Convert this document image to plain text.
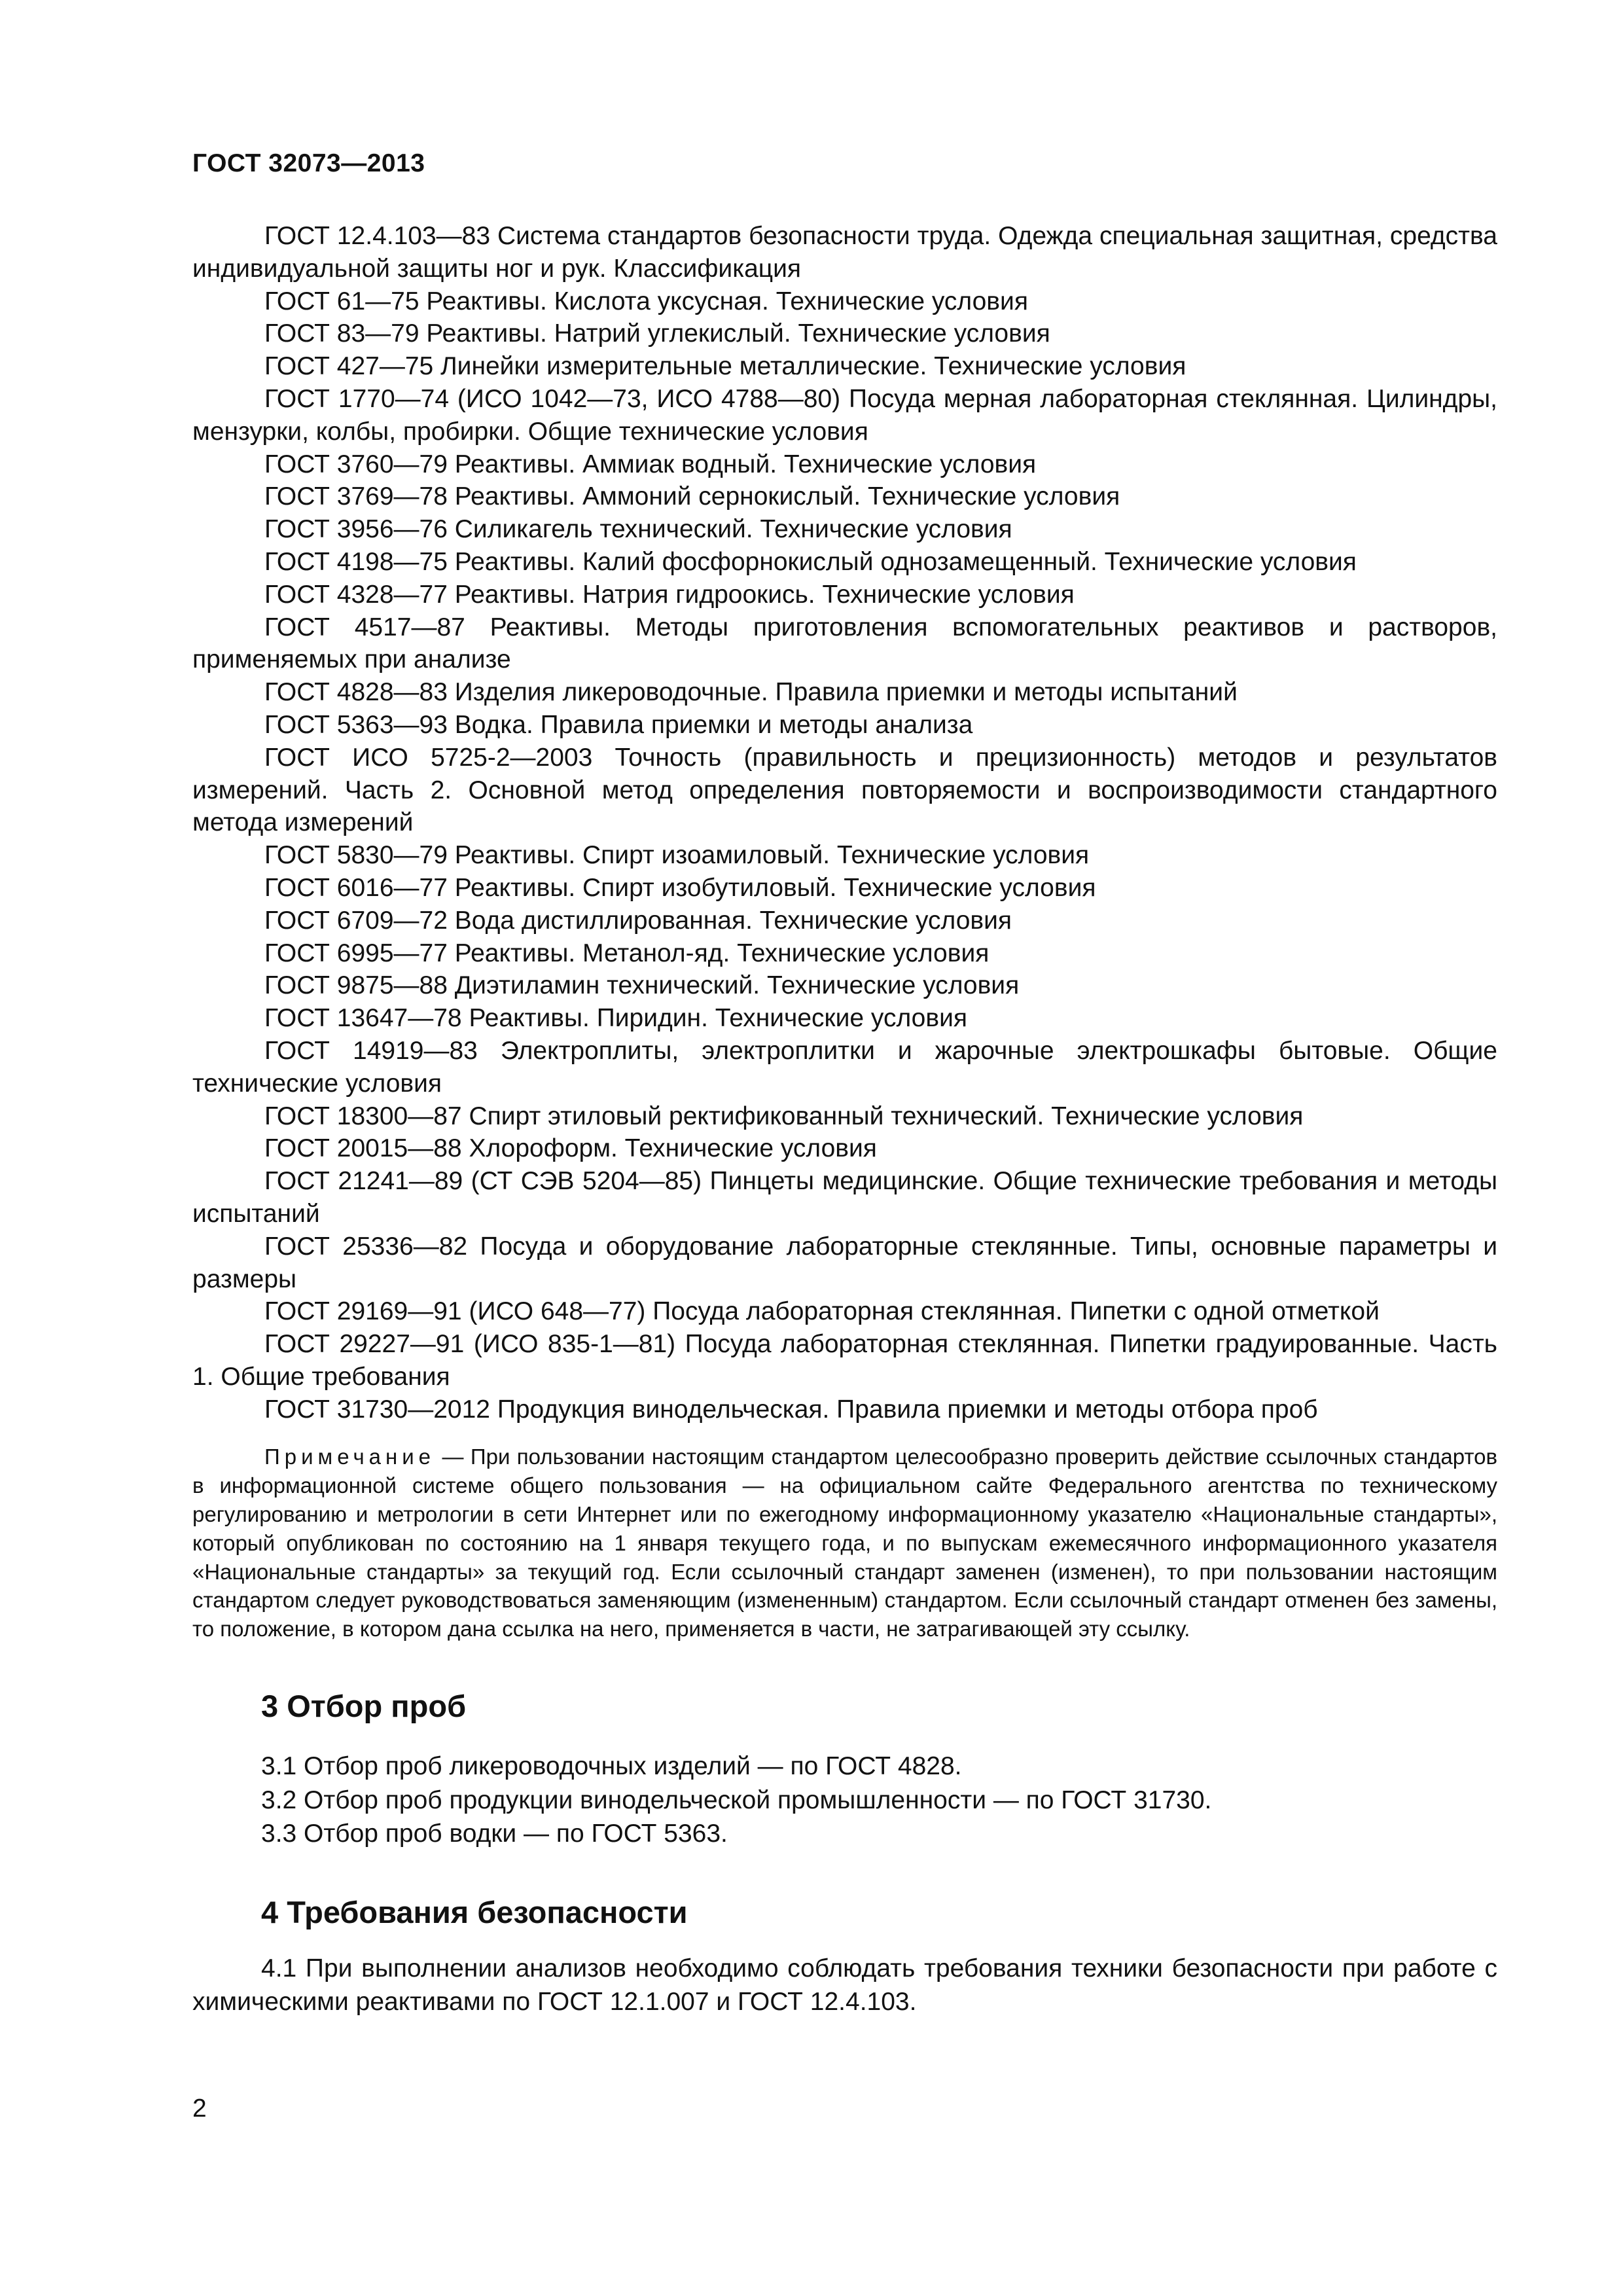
ГОСТ 32073—2013

ГОСТ 12.4.103—83 Система стандартов безопасности труда. Одежда специальная защитная, средства индивидуальной защиты ног и рук. Классификация

ГОСТ 61—75 Реактивы. Кислота уксусная. Технические условия

ГОСТ 83—79 Реактивы. Натрий углекислый. Технические условия

ГОСТ 427—75 Линейки измерительные металлические. Технические условия

ГОСТ 1770—74 (ИСО 1042—73, ИСО 4788—80) Посуда мерная лабораторная стеклянная. Цилиндры, мензурки, колбы, пробирки. Общие технические условия

ГОСТ 3760—79 Реактивы. Аммиак водный. Технические условия

ГОСТ 3769—78 Реактивы. Аммоний сернокислый. Технические условия

ГОСТ 3956—76 Силикагель технический. Технические условия

ГОСТ 4198—75 Реактивы. Калий фосфорнокислый однозамещенный. Технические условия

ГОСТ 4328—77 Реактивы. Натрия гидроокись. Технические условия

ГОСТ 4517—87 Реактивы. Методы приготовления вспомогательных реактивов и растворов, применяемых при анализе

ГОСТ 4828—83 Изделия ликероводочные. Правила приемки и методы испытаний

ГОСТ 5363—93 Водка. Правила приемки и методы анализа

ГОСТ ИСО 5725-2—2003 Точность (правильность и прецизионность) методов и результатов измерений. Часть 2. Основной метод определения повторяемости и воспроизводимости стандартного метода измерений

ГОСТ 5830—79 Реактивы. Спирт изоамиловый. Технические условия

ГОСТ 6016—77 Реактивы. Спирт изобутиловый. Технические условия

ГОСТ 6709—72 Вода дистиллированная. Технические условия

ГОСТ 6995—77 Реактивы. Метанол-яд. Технические условия

ГОСТ 9875—88 Диэтиламин технический. Технические условия

ГОСТ 13647—78 Реактивы. Пиридин. Технические условия

ГОСТ 14919—83 Электроплиты, электроплитки и жарочные электрошкафы бытовые. Общие технические условия

ГОСТ 18300—87 Спирт этиловый ректификованный технический. Технические условия

ГОСТ 20015—88 Хлороформ. Технические условия

ГОСТ 21241—89 (СТ СЭВ 5204—85) Пинцеты медицинские. Общие технические требования и методы испытаний

ГОСТ 25336—82 Посуда и оборудование лабораторные стеклянные. Типы, основные параметры и размеры

ГОСТ 29169—91 (ИСО 648—77) Посуда лабораторная стеклянная. Пипетки с одной отметкой

ГОСТ 29227—91 (ИСО 835-1—81) Посуда лабораторная стеклянная. Пипетки градуированные. Часть 1. Общие требования

ГОСТ 31730—2012 Продукция винодельческая. Правила приемки и методы отбора проб

Примечание — При пользовании настоящим стандартом целесообразно проверить действие ссылочных стандартов в информационной системе общего пользования — на официальном сайте Федерального агентства по техническому регулированию и метрологии в сети Интернет или по ежегодному информационному указателю «Национальные стандарты», который опубликован по состоянию на 1 января текущего года, и по выпускам ежемесячного информационного указателя «Национальные стандарты» за текущий год. Если ссылочный стандарт заменен (изменен), то при пользовании настоящим стандартом следует руководствоваться заменяющим (измененным) стандартом. Если ссылочный стандарт отменен без замены, то положение, в котором дана ссылка на него, применяется в части, не затрагивающей эту ссылку.
3 Отбор проб

3.1 Отбор проб ликероводочных изделий — по ГОСТ 4828.

3.2 Отбор проб продукции винодельческой промышленности — по ГОСТ 31730.

3.3 Отбор проб водки — по ГОСТ 5363.

4 Требования безопасности

4.1 При выполнении анализов необходимо соблюдать требования техники безопасности при работе с химическими реактивами по ГОСТ 12.1.007 и ГОСТ 12.4.103.

2
